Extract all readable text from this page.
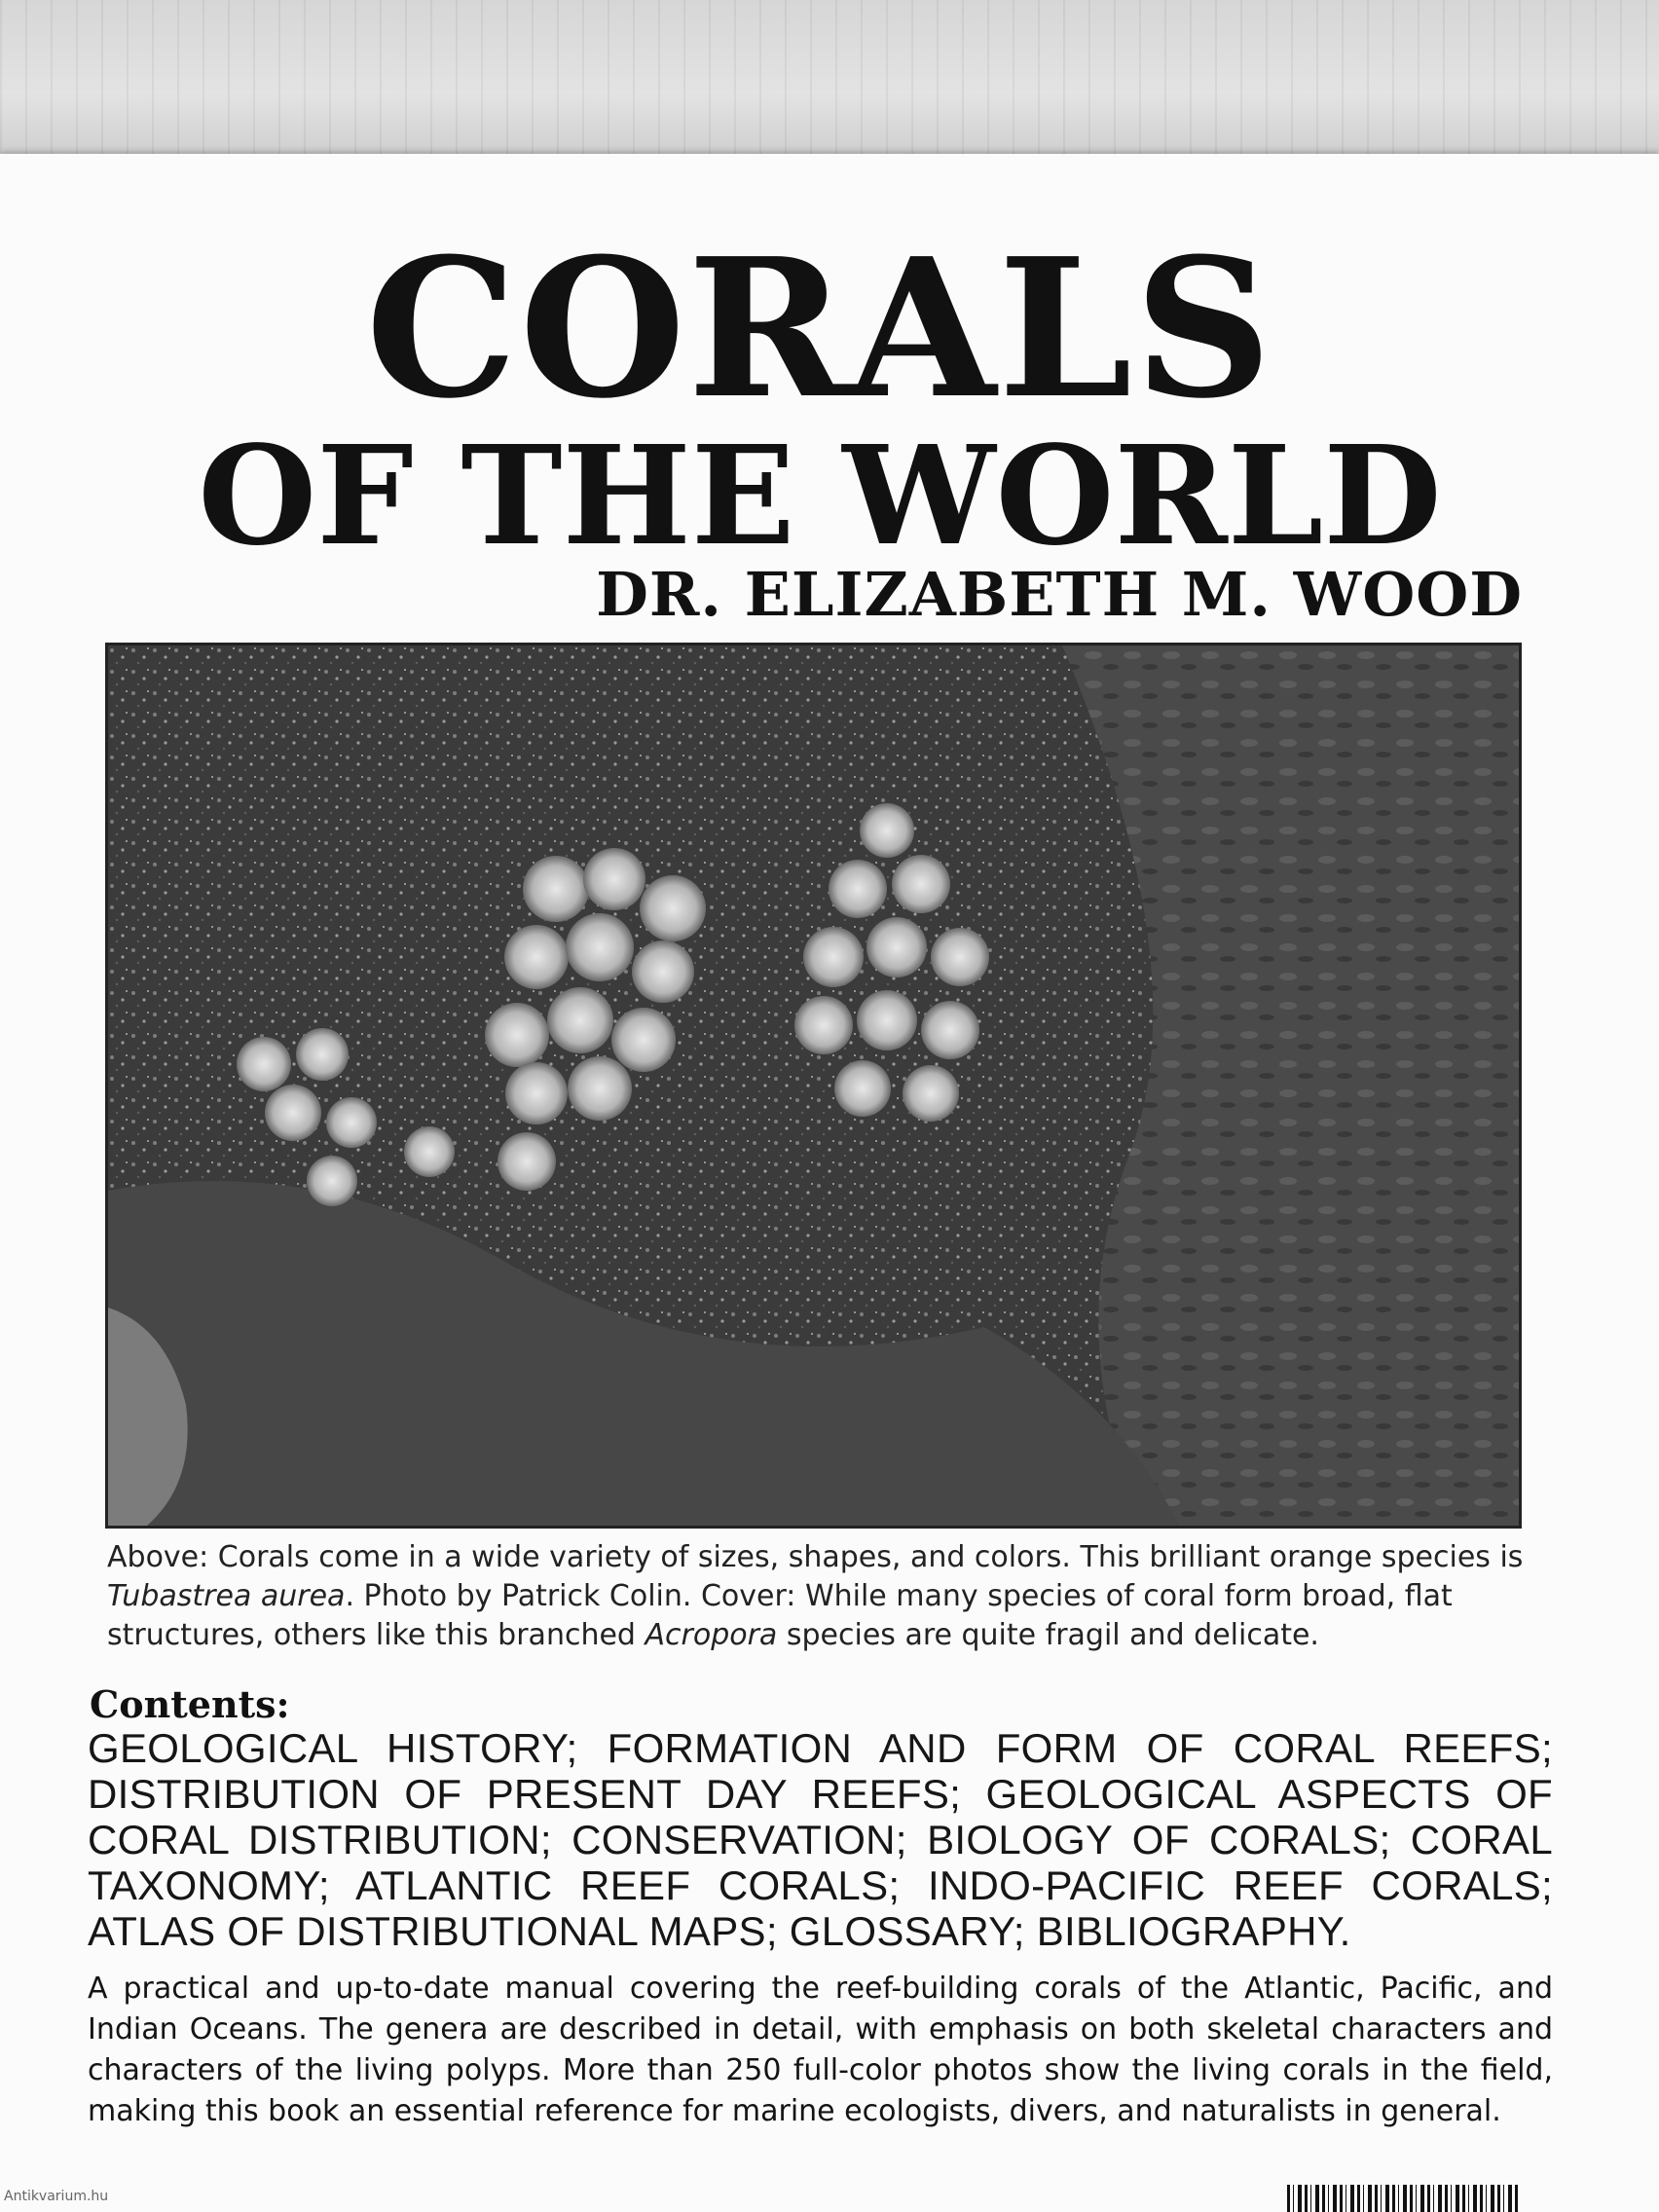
CORALS
OF THE WORLD
DR. ELIZABETH M. WOOD

Above: Corals come in a wide variety of sizes, shapes, and colors. This brilliant orange species is Tubastrea aurea. Photo by Patrick Colin. Cover: While many species of coral form broad, flat structures, others like this branched Acropora species are quite fragil and delicate.

Contents:

GEOLOGICAL HISTORY; FORMATION AND FORM OF CORAL REEFS; DISTRIBUTION OF PRESENT DAY REEFS; GEOLOGICAL ASPECTS OF CORAL DISTRIBUTION; CONSERVATION; BIOLOGY OF CORALS; CORAL TAXONOMY; ATLANTIC REEF CORALS; INDO-PACIFIC REEF CORALS; ATLAS OF DISTRIBUTIONAL MAPS; GLOSSARY; BIBLIOGRAPHY.

A practical and up-to-date manual covering the reef-building corals of the Atlantic, Pacific, and Indian Oceans. The genera are described in detail, with emphasis on both skeletal characters and characters of the living polyps. More than 250 full-color photos show the living corals in the field, making this book an essential reference for marine ecologists, divers, and naturalists in general.

Antikvarium.hu
